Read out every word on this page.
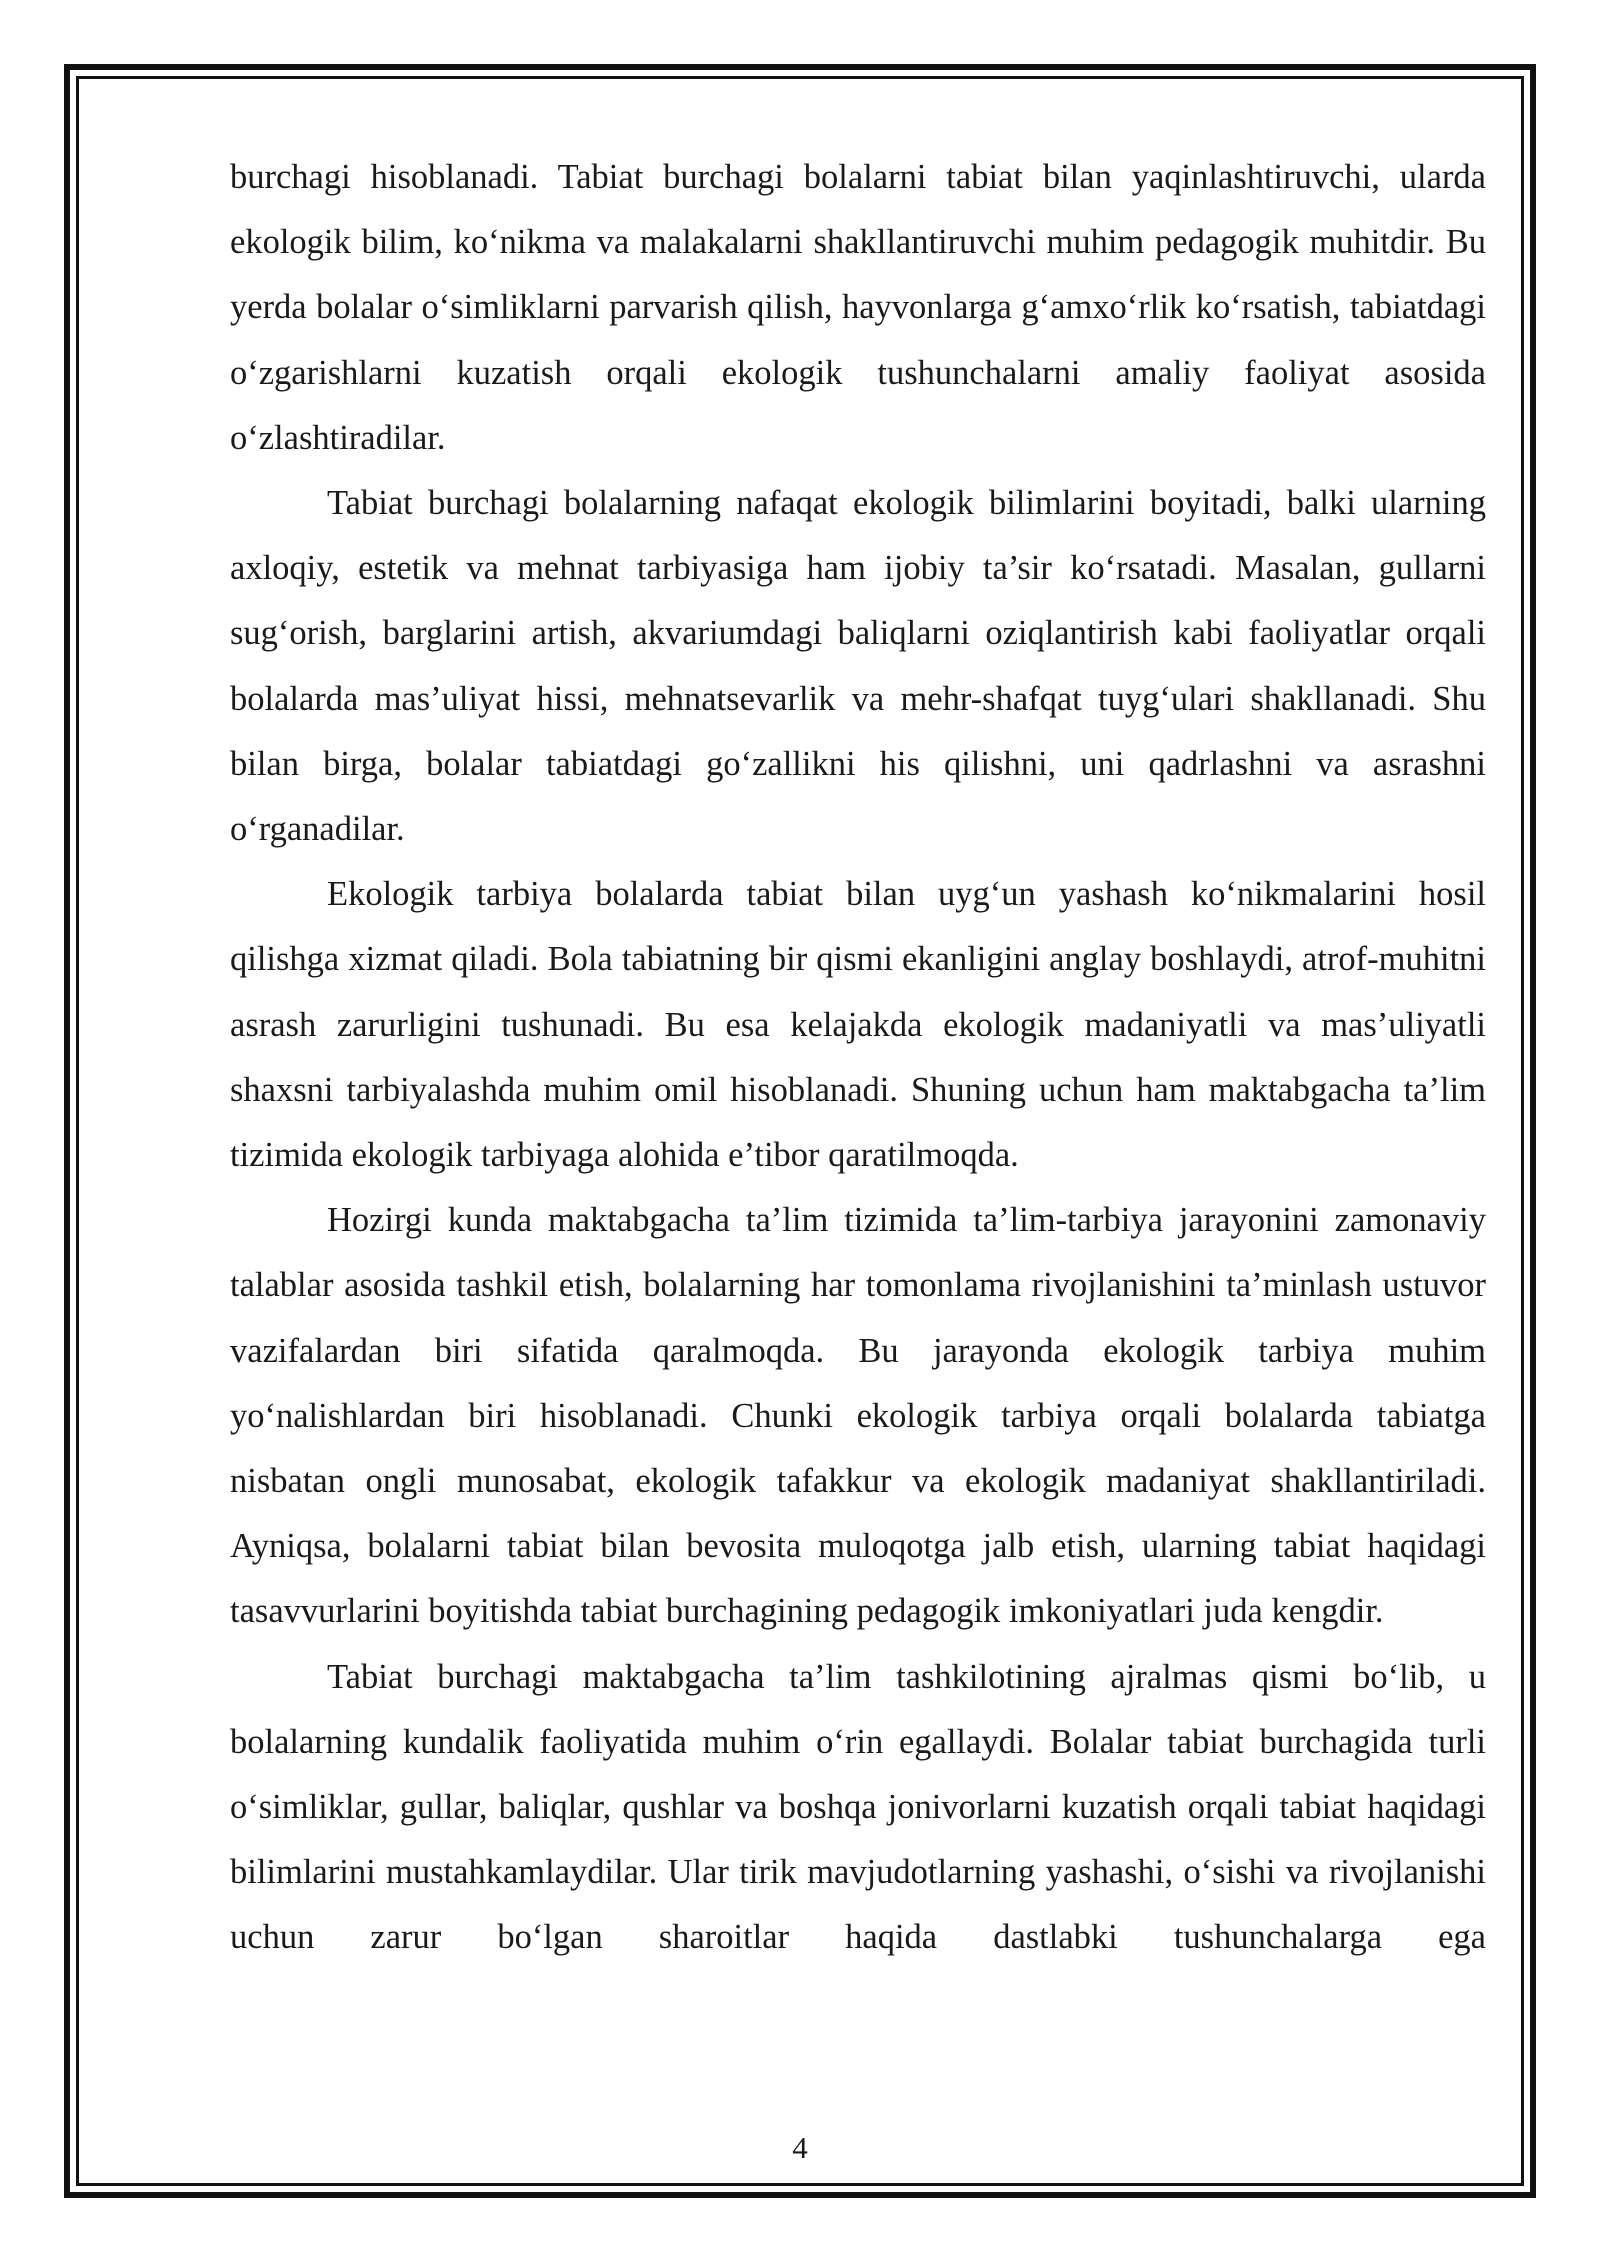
burchagi hisoblanadi. Tabiat burchagi bolalarni tabiat bilan yaqinlashtiruvchi, ularda ekologik bilim, ko‘nikma va malakalarni shakllantiruvchi muhim pedagogik muhitdir. Bu yerda bolalar o‘simliklarni parvarish qilish, hayvonlarga g‘amxo‘rlik ko‘rsatish, tabiatdagi o‘zgarishlarni kuzatish orqali ekologik tushunchalarni amaliy faoliyat asosida o‘zlashtiradilar.

Tabiat burchagi bolalarning nafaqat ekologik bilimlarini boyitadi, balki ularning axloqiy, estetik va mehnat tarbiyasiga ham ijobiy ta’sir ko‘rsatadi. Masalan, gullarni sug‘orish, barglarini artish, akvariumdagi baliqlarni oziqlantirish kabi faoliyatlar orqali bolalarda mas’uliyat hissi, mehnatsevarlik va mehr-shafqat tuyg‘ulari shakllanadi. Shu bilan birga, bolalar tabiatdagi go‘zallikni his qilishni, uni qadrlashni va asrashni o‘rganadilar.

Ekologik tarbiya bolalarda tabiat bilan uyg‘un yashash ko‘nikmalarini hosil qilishga xizmat qiladi. Bola tabiatning bir qismi ekanligini anglay boshlaydi, atrof-muhitni asrash zarurligini tushunadi. Bu esa kelajakda ekologik madaniyatli va mas’uliyatli shaxsni tarbiyalashda muhim omil hisoblanadi. Shuning uchun ham maktabgacha ta’lim tizimida ekologik tarbiyaga alohida e’tibor qaratilmoqda.

Hozirgi kunda maktabgacha ta’lim tizimida ta’lim-tarbiya jarayonini zamonaviy talablar asosida tashkil etish, bolalarning har tomonlama rivojlanishini ta’minlash ustuvor vazifalardan biri sifatida qaralmoqda. Bu jarayonda ekologik tarbiya muhim yo‘nalishlardan biri hisoblanadi. Chunki ekologik tarbiya orqali bolalarda tabiatga nisbatan ongli munosabat, ekologik tafakkur va ekologik madaniyat shakllantiriladi. Ayniqsa, bolalarni tabiat bilan bevosita muloqotga jalb etish, ularning tabiat haqidagi tasavvurlarini boyitishda tabiat burchagining pedagogik imkoniyatlari juda kengdir.

Tabiat burchagi maktabgacha ta’lim tashkilotining ajralmas qismi bo‘lib, u bolalarning kundalik faoliyatida muhim o‘rin egallaydi. Bolalar tabiat burchagida turli o‘simliklar, gullar, baliqlar, qushlar va boshqa jonivorlarni kuzatish orqali tabiat haqidagi bilimlarini mustahkamlaydilar. Ular tirik mavjudotlarning yashashi, o‘sishi va rivojlanishi uchun zarur bo‘lgan sharoitlar haqida dastlabki tushunchalarga ega

4
